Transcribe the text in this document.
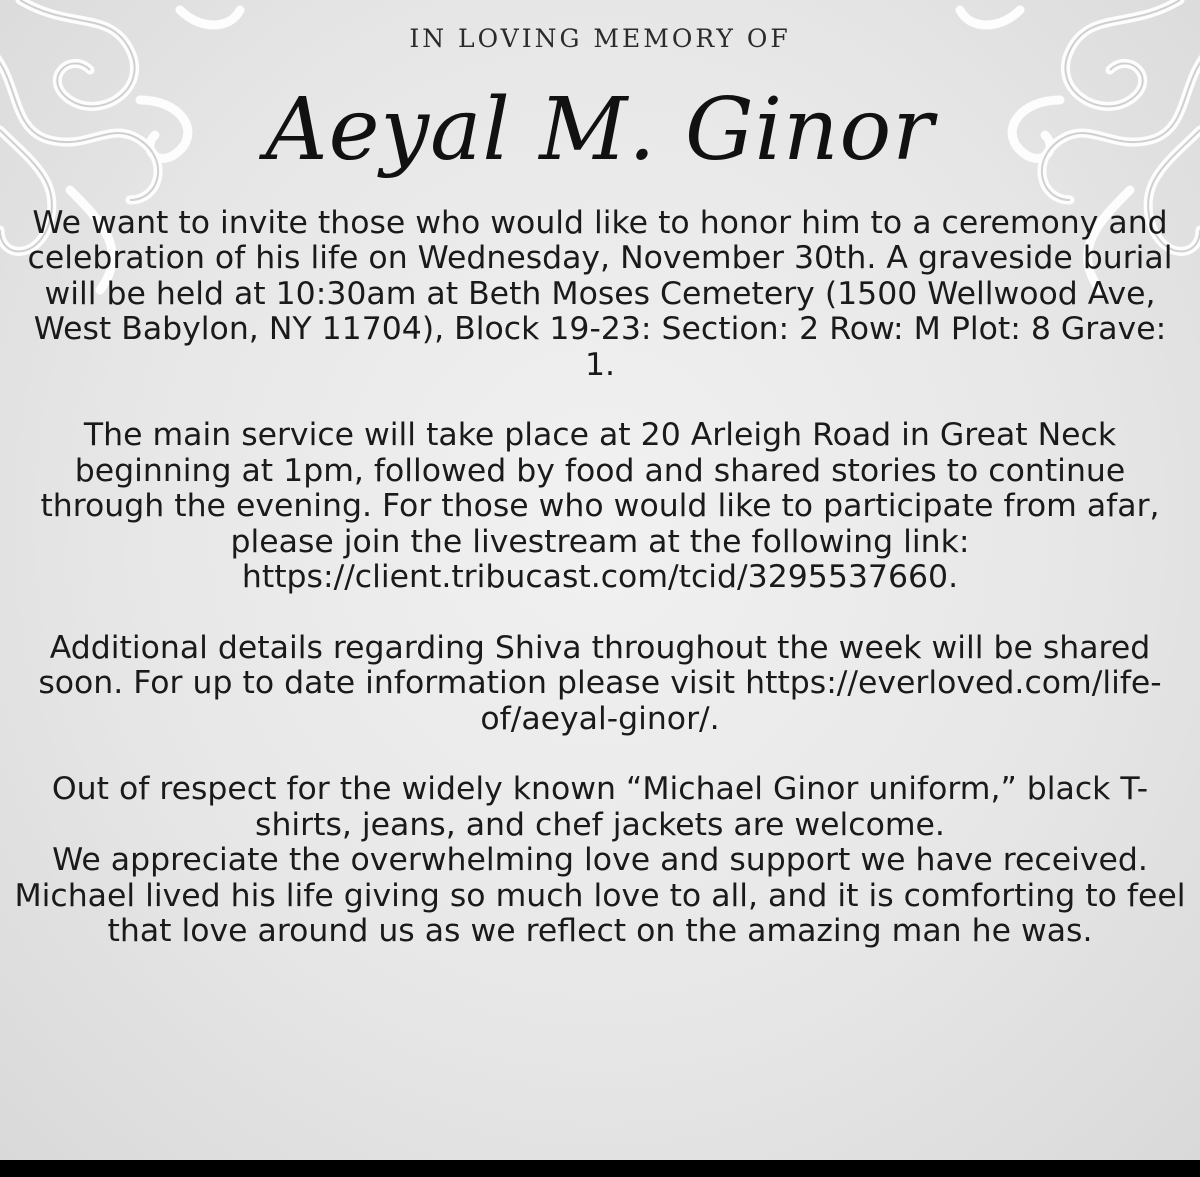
IN LOVING MEMORY OF
Aeyal M. Ginor

We want to invite those who would like to honor him to a ceremony and celebration of his life on Wednesday, November 30th. A graveside burial will be held at 10:30am at Beth Moses Cemetery (1500 Wellwood Ave, West Babylon, NY 11704), Block 19-23: Section: 2 Row: M Plot: 8 Grave: 1.

The main service will take place at 20 Arleigh Road in Great Neck beginning at 1pm, followed by food and shared stories to continue through the evening. For those who would like to participate from afar, please join the livestream at the following link: https://client.tribucast.com/tcid/3295537660.

Additional details regarding Shiva throughout the week will be shared soon. For up to date information please visit https://everloved.com/life-of/aeyal-ginor/.

Out of respect for the widely known “Michael Ginor uniform,” black T-shirts, jeans, and chef jackets are welcome.

We appreciate the overwhelming love and support we have received. Michael lived his life giving so much love to all, and it is comforting to feel that love around us as we reflect on the amazing man he was.
